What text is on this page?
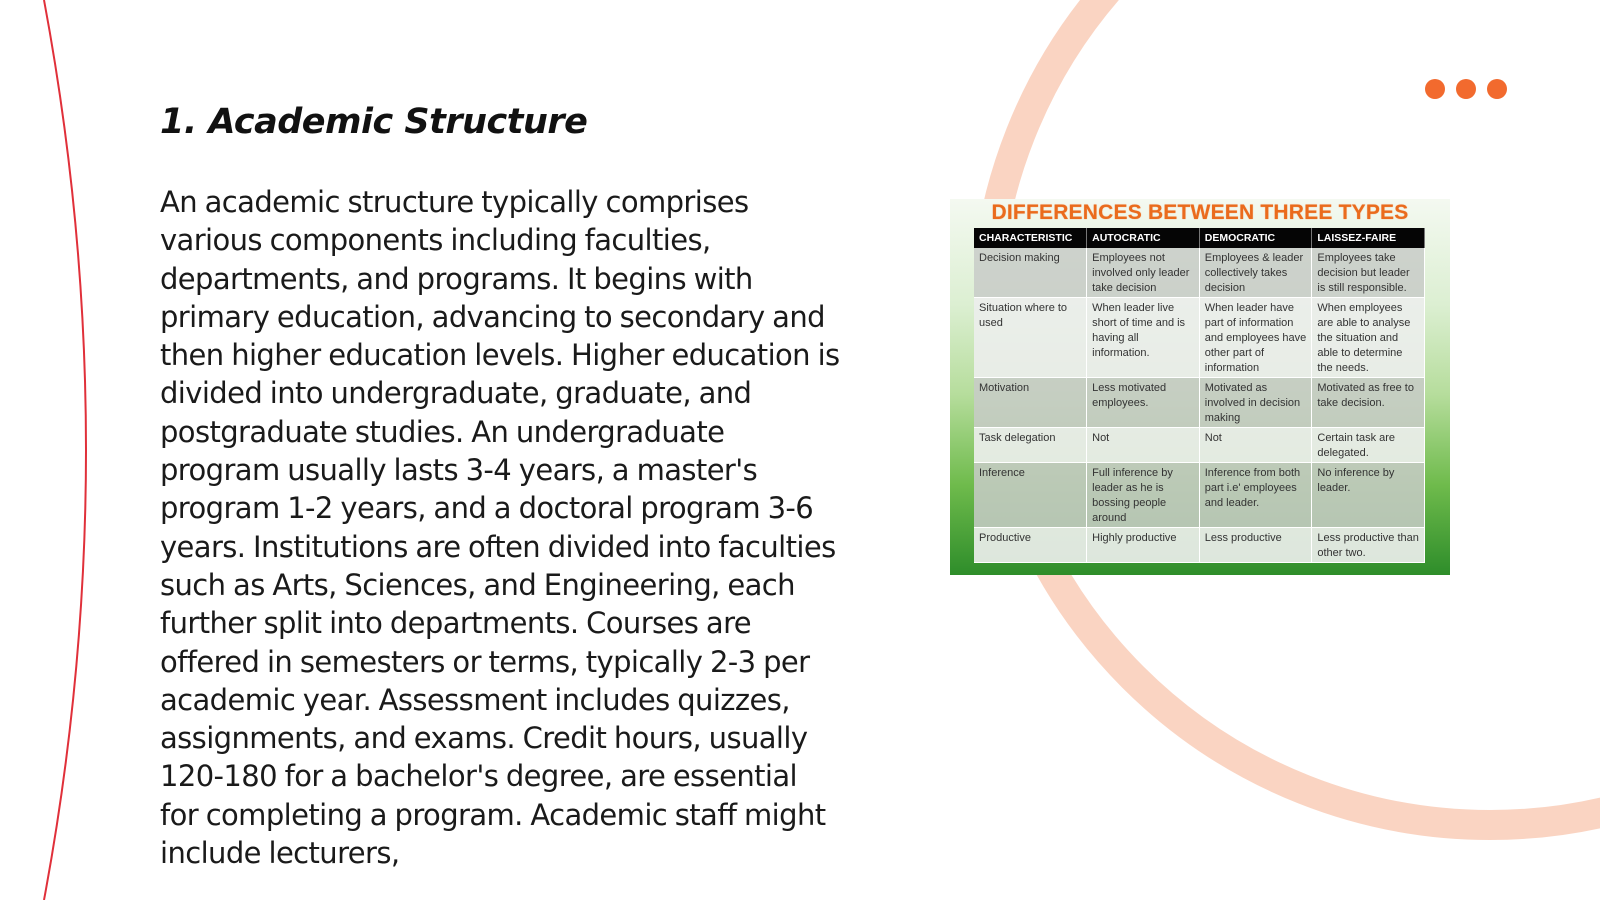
1. Academic Structure

An academic structure typically comprises various components including faculties, departments, and programs. It begins with primary education, advancing to secondary and then higher education levels. Higher education is divided into undergraduate, graduate, and postgraduate studies. An undergraduate program usually lasts 3-4 years, a master's program 1-2 years, and a doctoral program 3-6 years. Institutions are often divided into faculties such as Arts, Sciences, and Engineering, each further split into departments. Courses are offered in semesters or terms, typically 2-3 per academic year. Assessment includes quizzes, assignments, and exams. Credit hours, usually 120-180 for a bachelor's degree, are essential for completing a program. Academic staff might include lecturers,

DIFFERENCES BETWEEN THREE TYPES
CHARACTERISTIC	AUTOCRATIC	DEMOCRATIC	LAISSEZ-FAIRE
Decision making	Employees not involved only leader take decision	Employees & leader collectively takes decision	Employees take decision but leader is still responsible.
Situation where to used	When leader live short of time and is having all information.	When leader have part of information and employees have other part of information	When employees are able to analyse the situation and able to determine the needs.
Motivation	Less motivated employees.	Motivated as involved in decision making	Motivated as free to take decision.
Task delegation	Not	Not	Certain task are delegated.
Inference	Full inference by leader as he is bossing people around	Inference from both part i.e' employees and leader.	No inference by leader.
Productive	Highly productive	Less productive	Less productive than other two.
